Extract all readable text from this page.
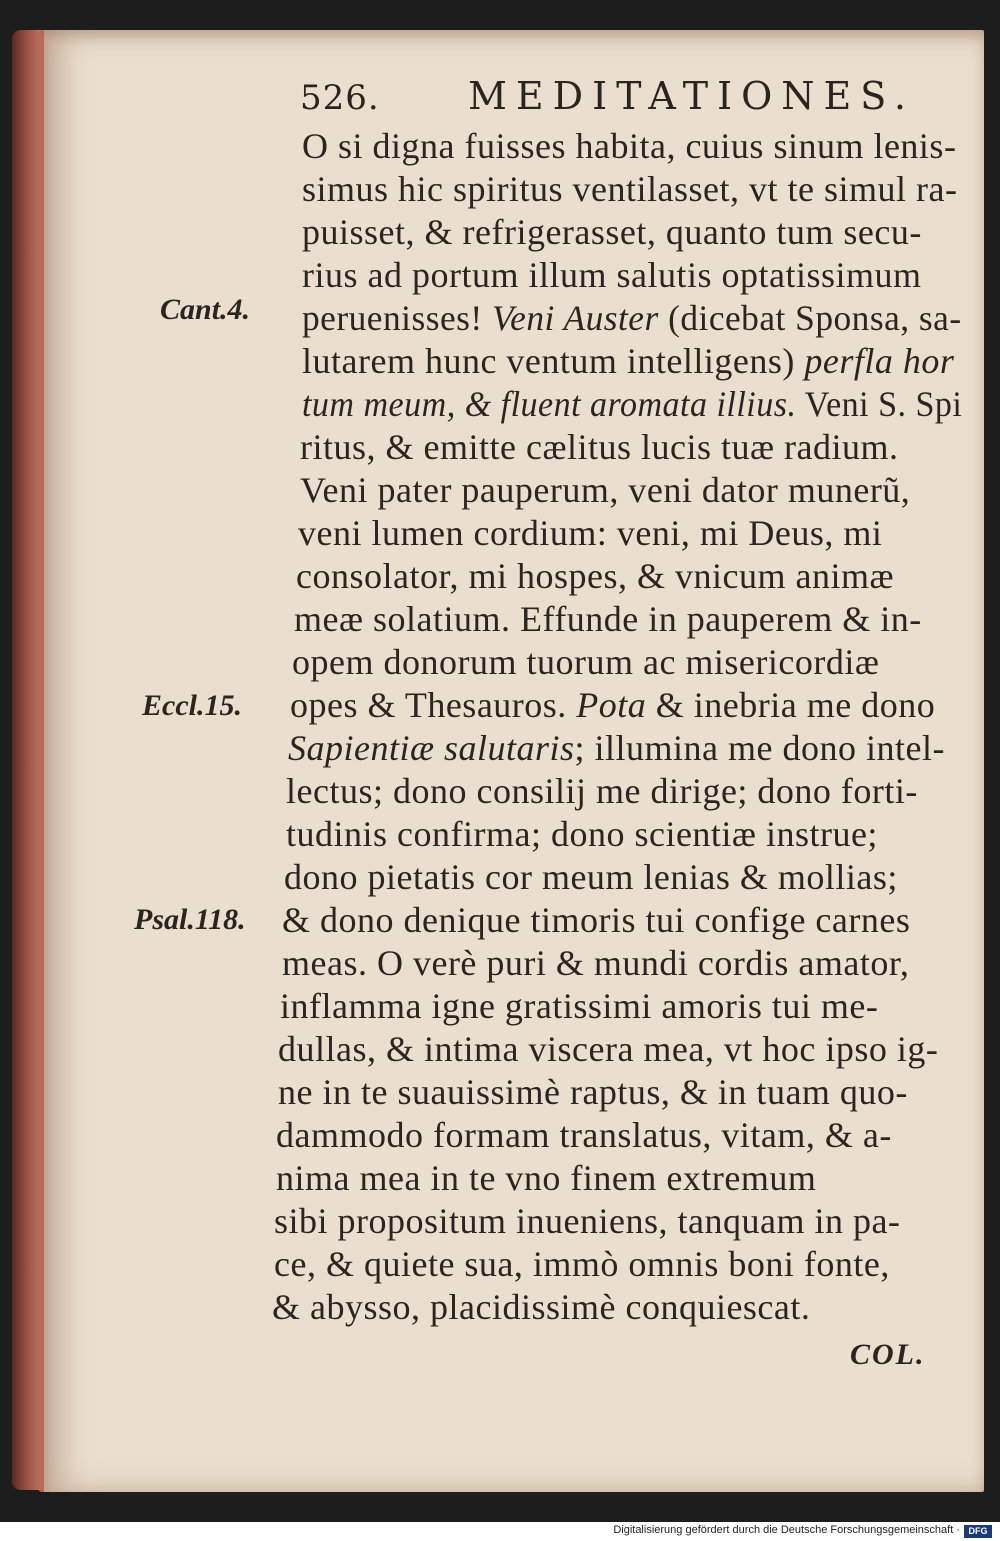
526. MEDITATIONES.
Cant.4.
Eccl.15.
Psal.118.
O si digna fuisses habita, cuius sinum lenis-
simus hic spiritus ventilasset, vt te simul ra-
puisset, & refrigerasset, quanto tum secu-
rius ad portum illum salutis optatissimum
peruenisses! Veni Auster (dicebat Sponsa, sa-
lutarem hunc ventum intelligens) perfla hor
tum meum, & fluent aromata illius. Veni S. Spi
ritus, & emitte cælitus lucis tuæ radium.
Veni pater pauperum, veni dator munerũ,
veni lumen cordium: veni, mi Deus, mi
consolator, mi hospes, & vnicum animæ
meæ solatium. Effunde in pauperem & in-
opem donorum tuorum ac misericordiæ
opes & Thesauros. Pota & inebria me dono
Sapientiæ salutaris; illumina me dono intel-
lectus; dono consilij me dirige; dono forti-
tudinis confirma; dono scientiæ instrue;
dono pietatis cor meum lenias & mollias;
& dono denique timoris tui confige carnes
meas. O verè puri & mundi cordis amator,
inflamma igne gratissimi amoris tui me-
dullas, & intima viscera mea, vt hoc ipso ig-
ne in te suauissimè raptus, & in tuam quo-
dammodo formam translatus, vitam, & a-
nima mea in te vno finem extremum
sibi propositum inueniens, tanquam in pa-
ce, & quiete sua, immò omnis boni fonte,
& abysso, placidissimè conquiescat.
COL.
Digitalisierung gefördert durch die Deutsche Forschungsgemeinschaft · DFG
